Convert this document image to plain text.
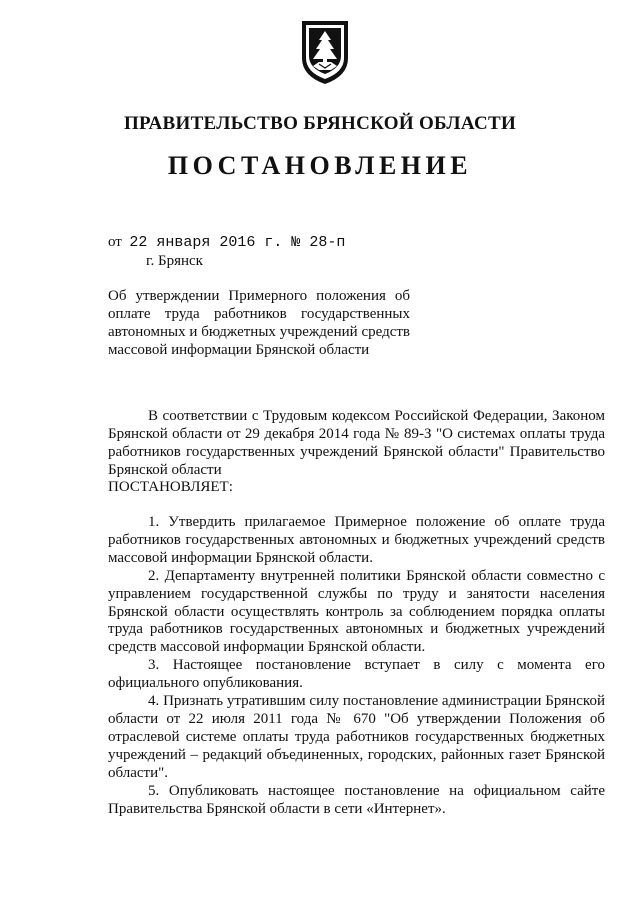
ПРАВИТЕЛЬСТВО БРЯНСКОЙ ОБЛАСТИ
ПОСТАНОВЛЕНИЕ
от 22 января 2016 г. № 28-п
г. Брянск
Об утверждении Примерного положения об оплате труда работников государственных автономных и бюджетных учреждений средств массовой информации Брянской области

В соответствии с Трудовым кодексом Российской Федерации, Законом Брянской области от 29 декабря 2014 года № 89-З "О системах оплаты труда работников государственных учреждений Брянской области" Правительство Брянской области

ПОСТАНОВЛЯЕТ:

1. Утвердить прилагаемое Примерное положение об оплате труда работников государственных автономных и бюджетных учреждений средств массовой информации Брянской области.

2. Департаменту внутренней политики Брянской области совместно с управлением государственной службы по труду и занятости населения Брянской области осуществлять контроль за соблюдением порядка оплаты труда работников государственных автономных и бюджетных учреждений средств массовой информации Брянской области.

3. Настоящее постановление вступает в силу с момента его официального опубликования.

4. Признать утратившим силу постановление администрации Брянской области от 22 июля 2011 года № 670 "Об утверждении Положения об отраслевой системе оплаты труда работников государственных бюджетных учреждений – редакций объединенных, городских, районных газет Брянской области".

5. Опубликовать настоящее постановление на официальном сайте Правительства Брянской области в сети «Интернет».
